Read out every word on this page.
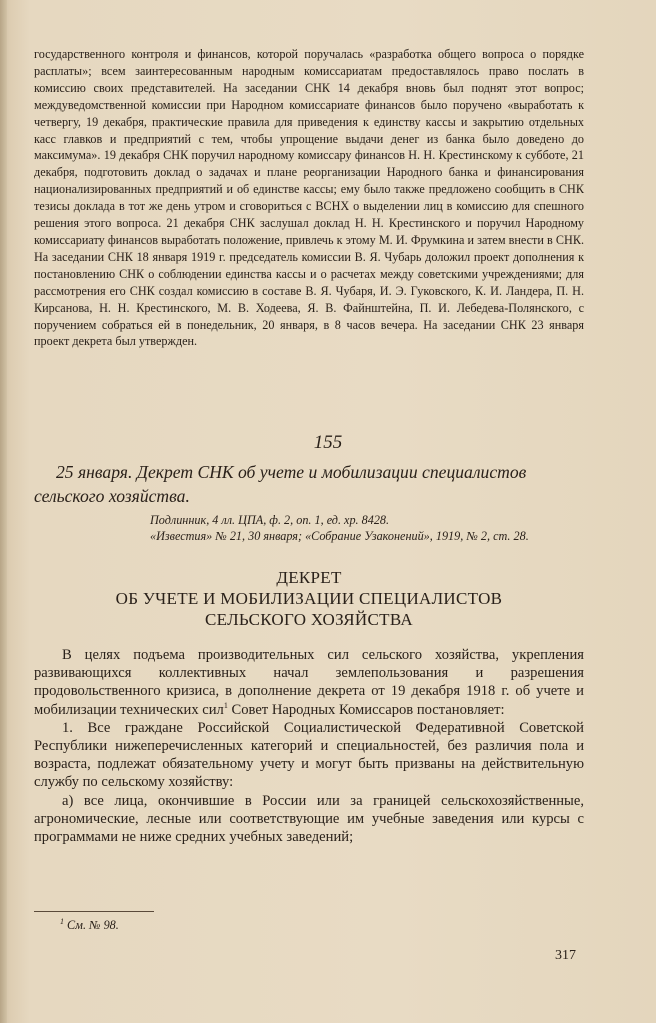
государственного контроля и финансов, которой поручалась «разработка общего вопроса о порядке расплаты»; всем заинтересованным народным комиссариатам предоставлялось право послать в комиссию своих представителей. На заседании СНК 14 декабря вновь был поднят этот вопрос; междуведомственной комиссии при Народном комиссариате финансов было поручено «выработать к четвергу, 19 декабря, практические правила для приведения к единству кассы и закрытию отдельных касс главков и предприятий с тем, чтобы упрощение выдачи денег из банка было доведено до максимума». 19 декабря СНК поручил народному комиссару финансов Н. Н. Крестинскому к субботе, 21 декабря, подготовить доклад о задачах и плане реорганизации Народного банка и финансирования национализированных предприятий и об единстве кассы; ему было также предложено сообщить в СНК тезисы доклада в тот же день утром и сговориться с ВСНХ о выделении лиц в комиссию для спешного решения этого вопроса. 21 декабря СНК заслушал доклад Н. Н. Крестинского и поручил Народному комиссариату финансов выработать положение, привлечь к этому М. И. Фрумкина и затем внести в СНК. На заседании СНК 18 января 1919 г. председатель комиссии В. Я. Чубарь доложил проект дополнения к постановлению СНК о соблюдении единства кассы и о расчетах между советскими учреждениями; для рассмотрения его СНК создал комиссию в составе В. Я. Чубаря, И. Э. Гуковского, К. И. Ландера, П. Н. Кирсанова, Н. Н. Крестинского, М. В. Ходеева, Я. В. Файнштейна, П. И. Лебедева-Полянского, с поручением собраться ей в понедельник, 20 января, в 8 часов вечера. На заседании СНК 23 января проект декрета был утвержден.

155

25 января. Декрет СНК об учете и мобилизации специалистов сельского хозяйства.

Подлинник, 4 лл. ЦПА, ф. 2, оп. 1, ед. хр. 8428.
«Известия» № 21, 30 января; «Собрание Узаконений», 1919, № 2, ст. 28.
ДЕКРЕТ
ОБ УЧЕТЕ И МОБИЛИЗАЦИИ СПЕЦИАЛИСТОВ
СЕЛЬСКОГО ХОЗЯЙСТВА

В целях подъема производительных сил сельского хозяйства, укрепления развивающихся коллективных начал землепользования и разрешения продовольственного кризиса, в дополнение декрета от 19 декабря 1918 г. об учете и мобилизации технических сил$^1$ Совет Народных Комиссаров постановляет:

1. Все граждане Российской Социалистической Федеративной Советской Республики нижеперечисленных категорий и специальностей, без различия пола и возраста, подлежат обязательному учету и могут быть призваны на действительную службу по сельскому хозяйству:

а) все лица, окончившие в России или за границей сельскохозяйственные, агрономические, лесные или соответствующие им учебные заведения или курсы с программами не ниже средних учебных заведений;

$^1$ См. № 98.
317
